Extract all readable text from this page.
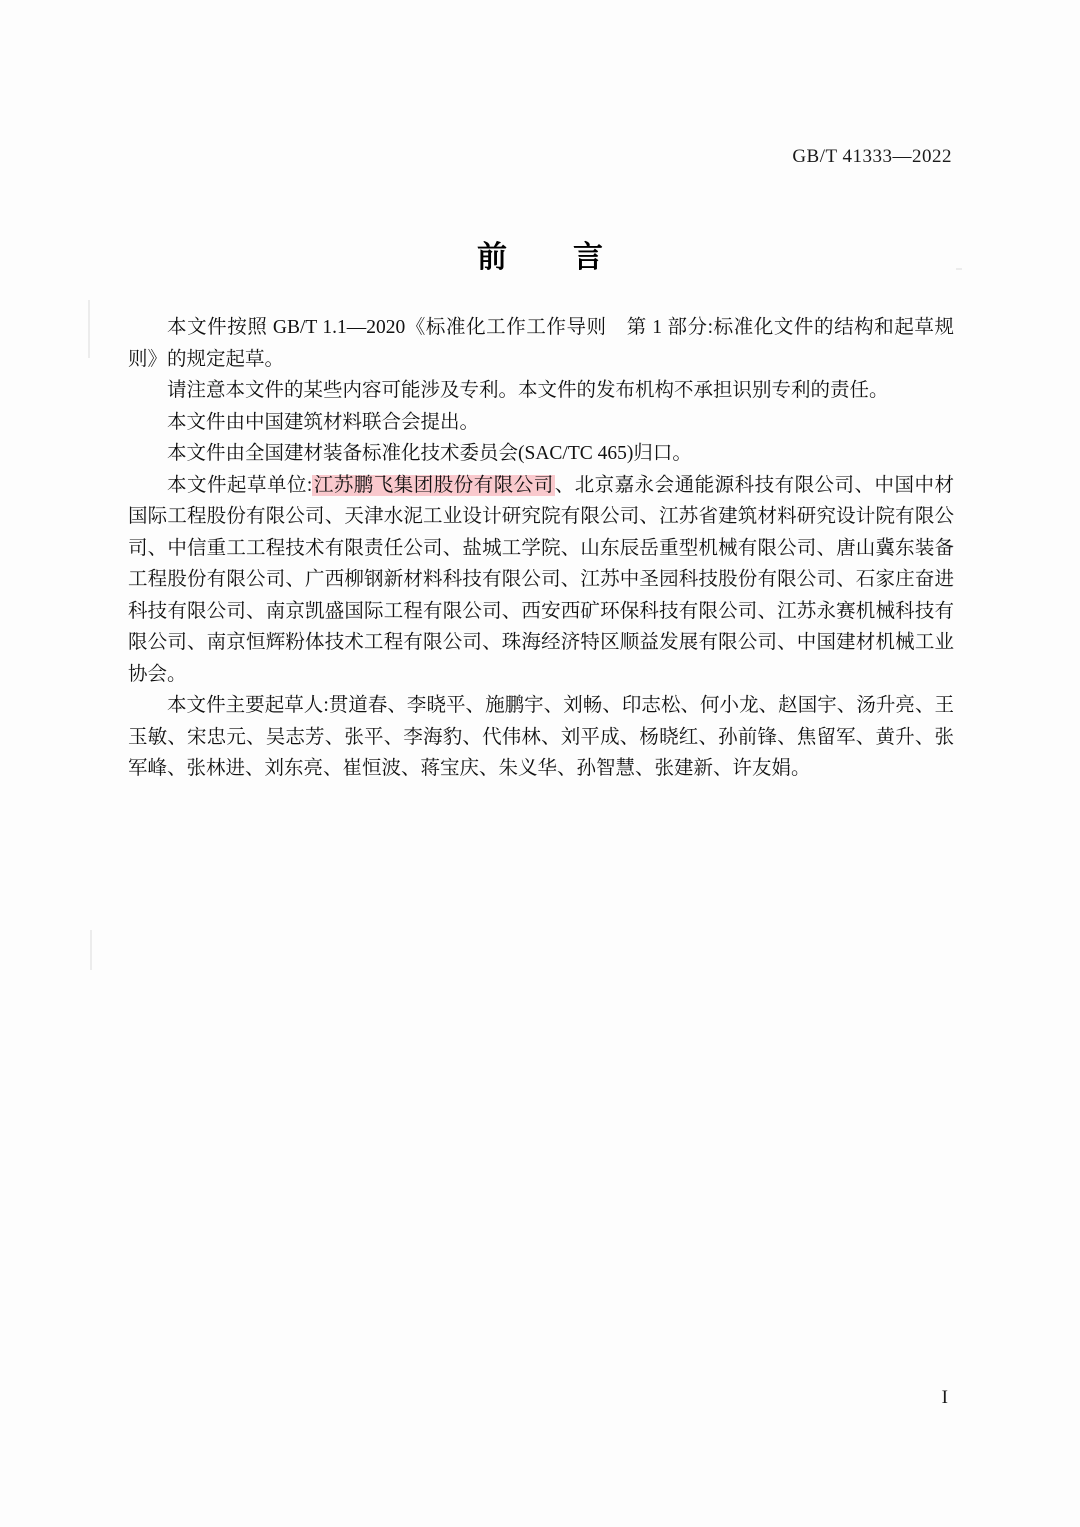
GB/T 41333—2022
前　言

本文件按照 GB/T 1.1—2020《标准化工作工作导则　第 1 部分:标准化文件的结构和起草规则》的规定起草。

请注意本文件的某些内容可能涉及专利。本文件的发布机构不承担识别专利的责任。

本文件由中国建筑材料联合会提出。

本文件由全国建材装备标准化技术委员会(SAC/TC 465)归口。

本文件起草单位:江苏鹏飞集团股份有限公司、北京嘉永会通能源科技有限公司、中国中材国际工程股份有限公司、天津水泥工业设计研究院有限公司、江苏省建筑材料研究设计院有限公司、中信重工工程技术有限责任公司、盐城工学院、山东辰岳重型机械有限公司、唐山冀东装备工程股份有限公司、广西柳钢新材料科技有限公司、江苏中圣园科技股份有限公司、石家庄奋进科技有限公司、南京凯盛国际工程有限公司、西安西矿环保科技有限公司、江苏永赛机械科技有限公司、南京恒辉粉体技术工程有限公司、珠海经济特区顺益发展有限公司、中国建材机械工业协会。

本文件主要起草人:贯道春、李晓平、施鹏宇、刘畅、印志松、何小龙、赵国宇、汤升亮、王玉敏、宋忠元、吴志芳、张平、李海豹、代伟林、刘平成、杨晓红、孙前锋、焦留军、黄升、张军峰、张林进、刘东亮、崔恒波、蒋宝庆、朱义华、孙智慧、张建新、许友娟。

I
